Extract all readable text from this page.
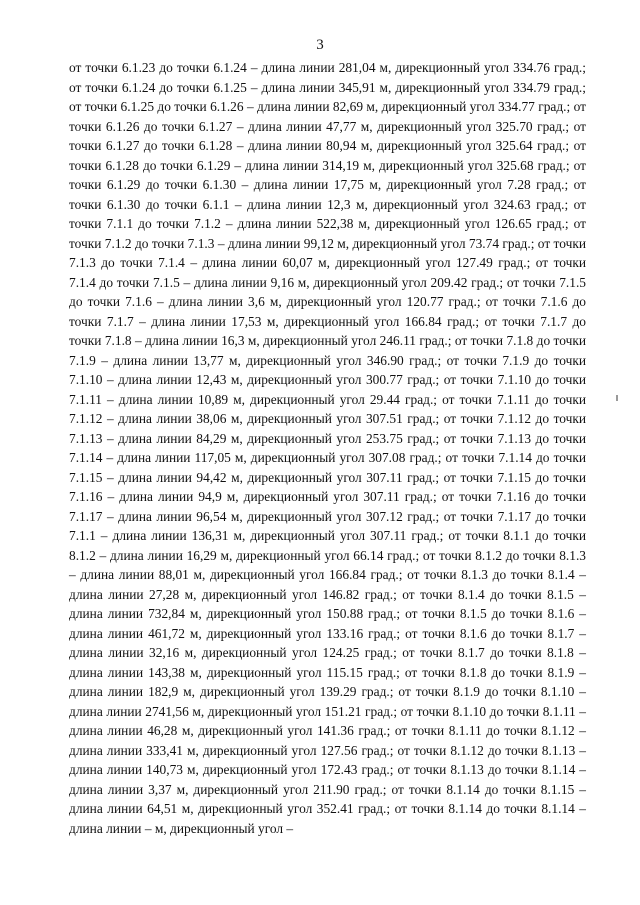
3

от точки 6.1.23 до точки 6.1.24 – длина линии 281,04 м, дирекционный угол 334.76 град.; от точки 6.1.24 до точки 6.1.25 – длина линии 345,91 м, дирекционный угол 334.79 град.; от точки 6.1.25 до точки 6.1.26 – длина линии 82,69 м, дирекционный угол 334.77 град.; от точки 6.1.26 до точки 6.1.27 – длина линии 47,77 м, дирекционный угол 325.70 град.; от точки 6.1.27 до точки 6.1.28 – длина линии 80,94 м, дирекционный угол 325.64 град.; от точки 6.1.28 до точки 6.1.29 – длина линии 314,19 м, дирекционный угол 325.68 град.; от точки 6.1.29 до точки 6.1.30 – длина линии 17,75 м, дирекционный угол 7.28 град.; от точки 6.1.30 до точки 6.1.1 – длина линии 12,3 м, дирекционный угол 324.63 град.; от точки 7.1.1 до точки 7.1.2 – длина линии 522,38 м, дирекционный угол 126.65 град.; от точки 7.1.2 до точки 7.1.3 – длина линии 99,12 м, дирекционный угол 73.74 град.; от точки 7.1.3 до точки 7.1.4 – длина линии 60,07 м, дирекционный угол 127.49 град.; от точки 7.1.4 до точки 7.1.5 – длина линии 9,16 м, дирекционный угол 209.42 град.; от точки 7.1.5 до точки 7.1.6 – длина линии 3,6 м, дирекционный угол 120.77 град.; от точки 7.1.6 до точки 7.1.7 – длина линии 17,53 м, дирекционный угол 166.84 град.; от точки 7.1.7 до точки 7.1.8 – длина линии 16,3 м, дирекционный угол 246.11 град.; от точки 7.1.8 до точки 7.1.9 – длина линии 13,77 м, дирекционный угол 346.90 град.; от точки 7.1.9 до точки 7.1.10 – длина линии 12,43 м, дирекционный угол 300.77 град.; от точки 7.1.10 до точки 7.1.11 – длина линии 10,89 м, дирекционный угол 29.44 град.; от точки 7.1.11 до точки 7.1.12 – длина линии 38,06 м, дирекционный угол 307.51 град.; от точки 7.1.12 до точки 7.1.13 – длина линии 84,29 м, дирекционный угол 253.75 град.; от точки 7.1.13 до точки 7.1.14 – длина линии 117,05 м, дирекционный угол 307.08 град.; от точки 7.1.14 до точки 7.1.15 – длина линии 94,42 м, дирекционный угол 307.11 град.; от точки 7.1.15 до точки 7.1.16 – длина линии 94,9 м, дирекционный угол 307.11 град.; от точки 7.1.16 до точки 7.1.17 – длина линии 96,54 м, дирекционный угол 307.12 град.; от точки 7.1.17 до точки 7.1.1 – длина линии 136,31 м, дирекционный угол 307.11 град.; от точки 8.1.1 до точки 8.1.2 – длина линии 16,29 м, дирекционный угол 66.14 град.; от точки 8.1.2 до точки 8.1.3 – длина линии 88,01 м, дирекционный угол 166.84 град.; от точки 8.1.3 до точки 8.1.4 – длина линии 27,28 м, дирекционный угол 146.82 град.; от точки 8.1.4 до точки 8.1.5 – длина линии 732,84 м, дирекционный угол 150.88 град.; от точки 8.1.5 до точки 8.1.6 – длина линии 461,72 м, дирекционный угол 133.16 град.; от точки 8.1.6 до точки 8.1.7 – длина линии 32,16 м, дирекционный угол 124.25 град.; от точки 8.1.7 до точки 8.1.8 – длина линии 143,38 м, дирекционный угол 115.15 град.; от точки 8.1.8 до точки 8.1.9 – длина линии 182,9 м, дирекционный угол 139.29 град.; от точки 8.1.9 до точки 8.1.10 – длина линии 2741,56 м, дирекционный угол 151.21 град.; от точки 8.1.10 до точки 8.1.11 – длина линии 46,28 м, дирекционный угол 141.36 град.; от точки 8.1.11 до точки 8.1.12 – длина линии 333,41 м, дирекционный угол 127.56 град.; от точки 8.1.12 до точки 8.1.13 – длина линии 140,73 м, дирекционный угол 172.43 град.; от точки 8.1.13 до точки 8.1.14 – длина линии 3,37 м, дирекционный угол 211.90 град.; от точки 8.1.14 до точки 8.1.15 – длина линии 64,51 м, дирекционный угол 352.41 град.; от точки 8.1.14 до точки 8.1.14 – длина линии – м, дирекционный угол –
